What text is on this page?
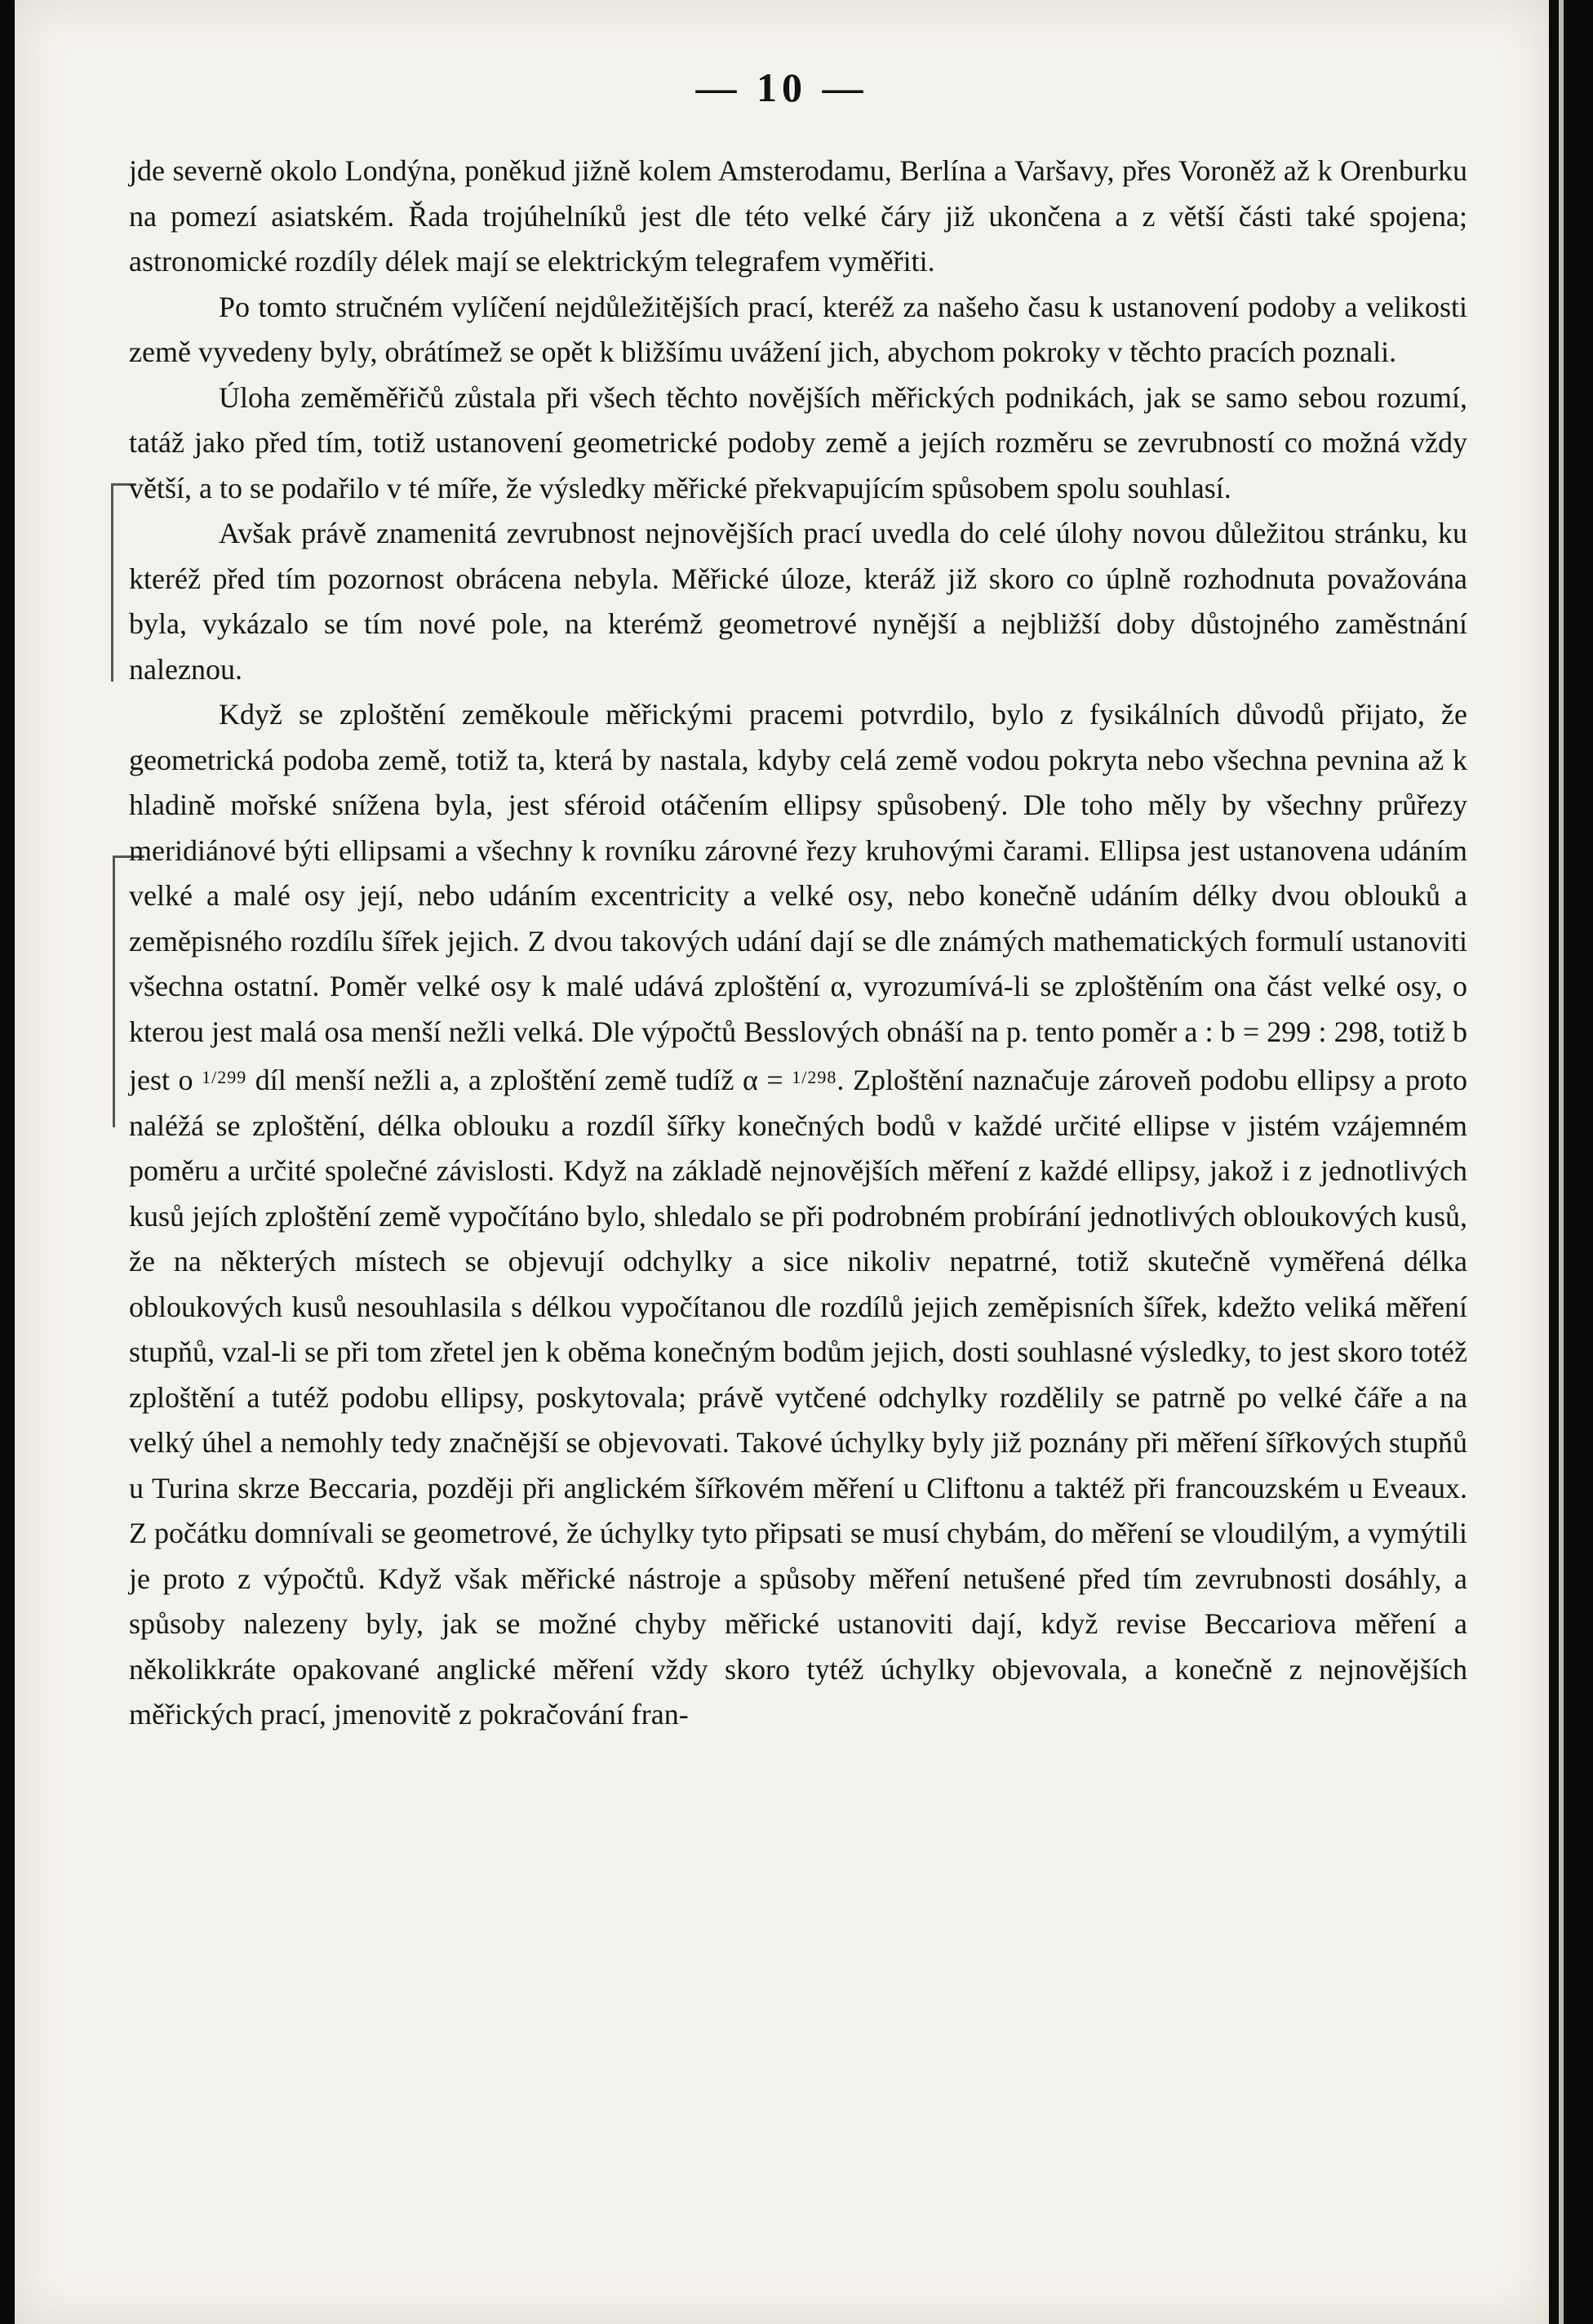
— 10 —

jde severně okolo Londýna, poněkud jižně kolem Amsterodamu, Berlína a Varšavy, přes Voroněž až k Orenburku na pomezí asiatském. Řada trojúhelníků jest dle této velké čáry již ukončena a z větší části také spojena; astronomické rozdíly délek mají se elektrickým telegrafem vyměřiti.

Po tomto stručném vylíčení nejdůležitějších prací, kteréž za našeho času k ustanovení podoby a velikosti země vyvedeny byly, obrátímež se opět k bližšímu uvážení jich, abychom pokroky v těchto pracích poznali.

Úloha zeměměřičů zůstala při všech těchto novějších měřických podnikách, jak se samo sebou rozumí, tatáž jako před tím, totiž ustanovení geometrické podoby země a jejích rozměru se zevrubností co možná vždy větší, a to se podařilo v té míře, že výsledky měřické překvapujícím spůsobem spolu souhlasí.

Avšak právě znamenitá zevrubnost nejnovějších prací uvedla do celé úlohy novou důležitou stránku, ku kteréž před tím pozornost obrácena nebyla. Měřické úloze, kteráž již skoro co úplně rozhodnuta považována byla, vykázalo se tím nové pole, na kterémž geometrové nynější a nejbližší doby důstojného zaměstnání naleznou.

Když se zploštění zeměkoule měřickými pracemi potvrdilo, bylo z fysikálních důvodů přijato, že geometrická podoba země, totiž ta, která by nastala, kdyby celá země vodou pokryta nebo všechna pevnina až k hladině mořské snížena byla, jest sféroid otáčením ellipsy spůsobený. Dle toho měly by všechny průřezy meridiánové býti ellipsami a všechny k rovníku zárovné řezy kruhovými čarami. Ellipsa jest ustanovena udáním velké a malé osy její, nebo udáním excentricity a velké osy, nebo konečně udáním délky dvou oblouků a zeměpisného rozdílu šířek jejich. Z dvou takových udání dají se dle známých mathematických formulí ustanoviti všechna ostatní. Poměr velké osy k malé udává zploštění α, vyrozumívá-li se zploštěním ona část velké osy, o kterou jest malá osa menší nežli velká. Dle výpočtů Besslových obnáší na p. tento poměr a : b = 299 : 298, totiž b jest o $^{1/299}$ díl menší nežli a, a zploštění země tudíž α = $^{1/298}$. Zploštění naznačuje zároveň podobu ellipsy a proto naléžá se zploštění, délka oblouku a rozdíl šířky konečných bodů v každé určité ellipse v jistém vzájemném poměru a určité společné závislosti. Když na základě nejnovějších měření z každé ellipsy, jakož i z jednotlivých kusů jejích zploštění země vypočítáno bylo, shledalo se při podrobném probírání jednotlivých obloukových kusů, že na některých místech se objevují odchylky a sice nikoliv nepatrné, totiž skutečně vyměřená délka obloukových kusů nesouhlasila s délkou vypočítanou dle rozdílů jejich zeměpisních šířek, kdežto veliká měření stupňů, vzal-li se při tom zřetel jen k oběma konečným bodům jejich, dosti souhlasné výsledky, to jest skoro totéž zploštění a tutéž podobu ellipsy, poskytovala; právě vytčené odchylky rozdělily se patrně po velké čáře a na velký úhel a nemohly tedy značnější se objevovati. Takové úchylky byly již poznány při měření šířkových stupňů u Turina skrze Beccaria, později při anglickém šířkovém měření u Cliftonu a taktéž při francouzském u Eveaux. Z počátku domnívali se geometrové, že úchylky tyto připsati se musí chybám, do měření se vloudilým, a vymýtili je proto z výpočtů. Když však měřické nástroje a spůsoby měření netušené před tím zevrubnosti dosáhly, a spůsoby nalezeny byly, jak se možné chyby měřické ustanoviti dají, když revise Beccariova měření a několikkráte opakované anglické měření vždy skoro tytéž úchylky objevovala, a konečně z nejnovějších měřických prací, jmenovitě z pokračování fran-
